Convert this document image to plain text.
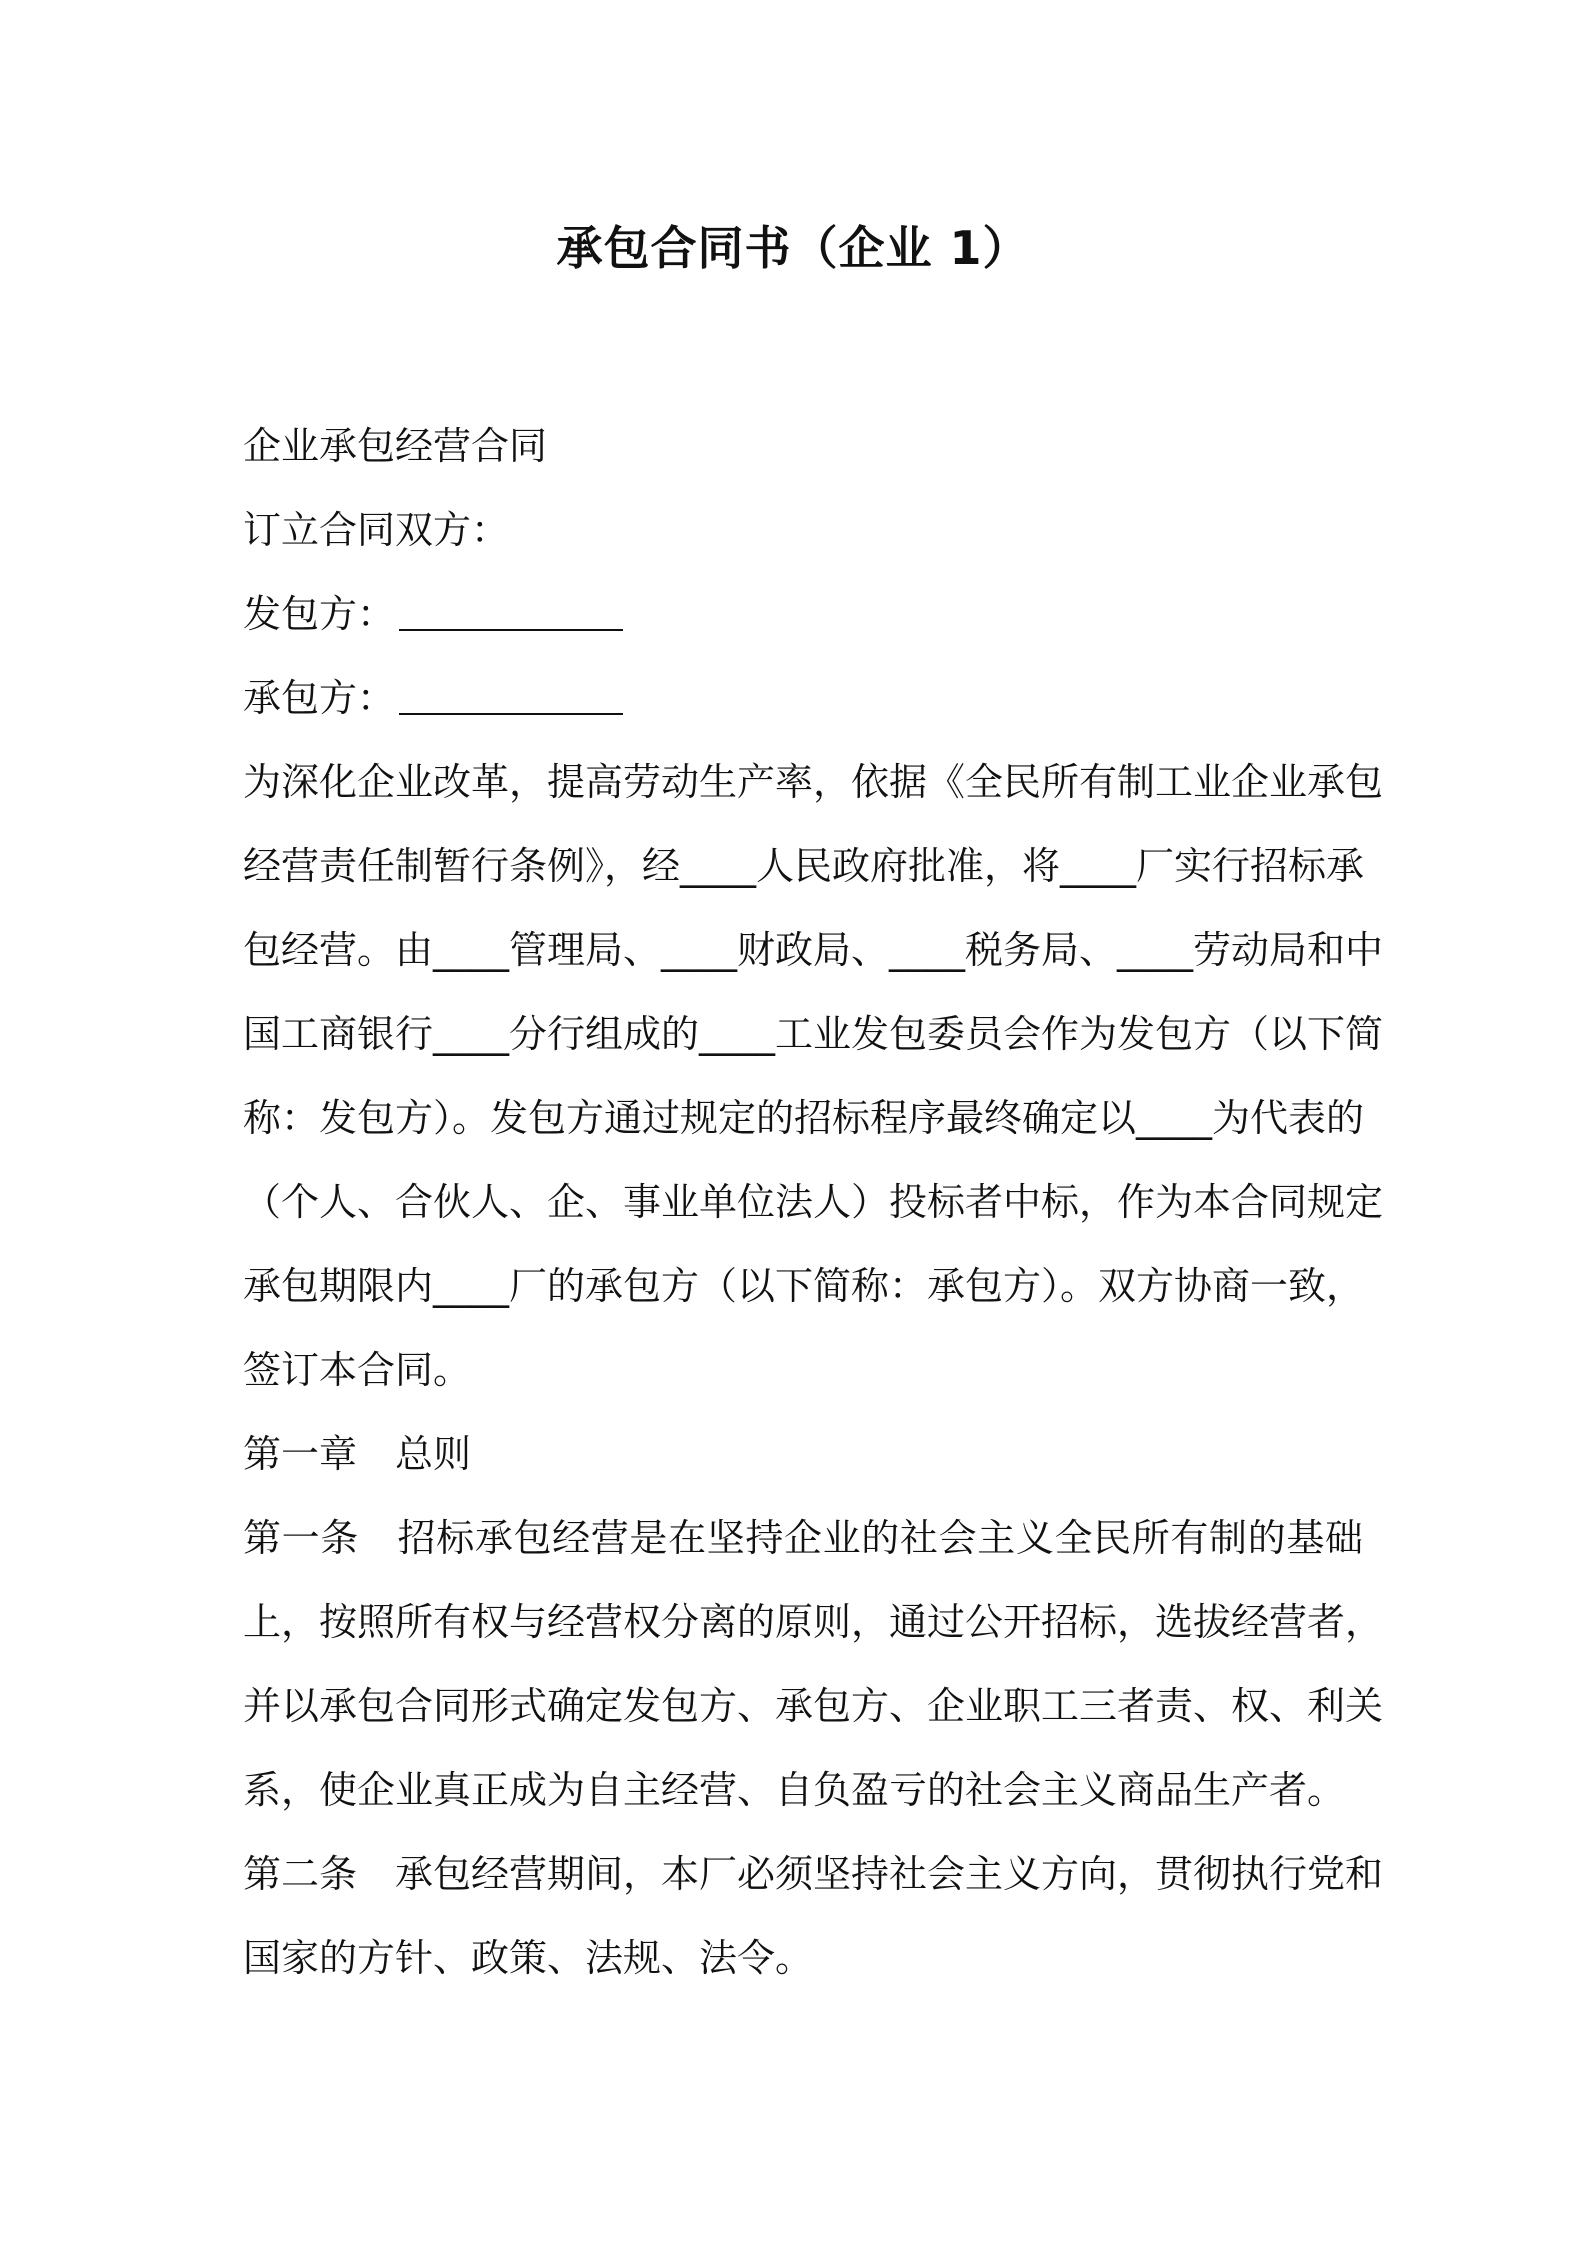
承包合同书（企业 1）
企业承包经营合同
订立合同双方：
发包方：
承包方：
为深化企业改革，提高劳动生产率，依据《全民所有制工业企业承包
经营责任制暂行条例》，经____人民政府批准，将____厂实行招标承
包经营。由____管理局、____财政局、____税务局、____劳动局和中
国工商银行____分行组成的____工业发包委员会作为发包方（以下简
称：发包方）。发包方通过规定的招标程序最终确定以____为代表的
（个人、合伙人、企、事业单位法人）投标者中标，作为本合同规定
承包期限内____厂的承包方（以下简称：承包方）。双方协商一致，
签订本合同。
第一章　总则
第一条　招标承包经营是在坚持企业的社会主义全民所有制的基础
上，按照所有权与经营权分离的原则，通过公开招标，选拔经营者，
并以承包合同形式确定发包方、承包方、企业职工三者责、权、利关
系，使企业真正成为自主经营、自负盈亏的社会主义商品生产者。
第二条　承包经营期间，本厂必须坚持社会主义方向，贯彻执行党和
国家的方针、政策、法规、法令。
